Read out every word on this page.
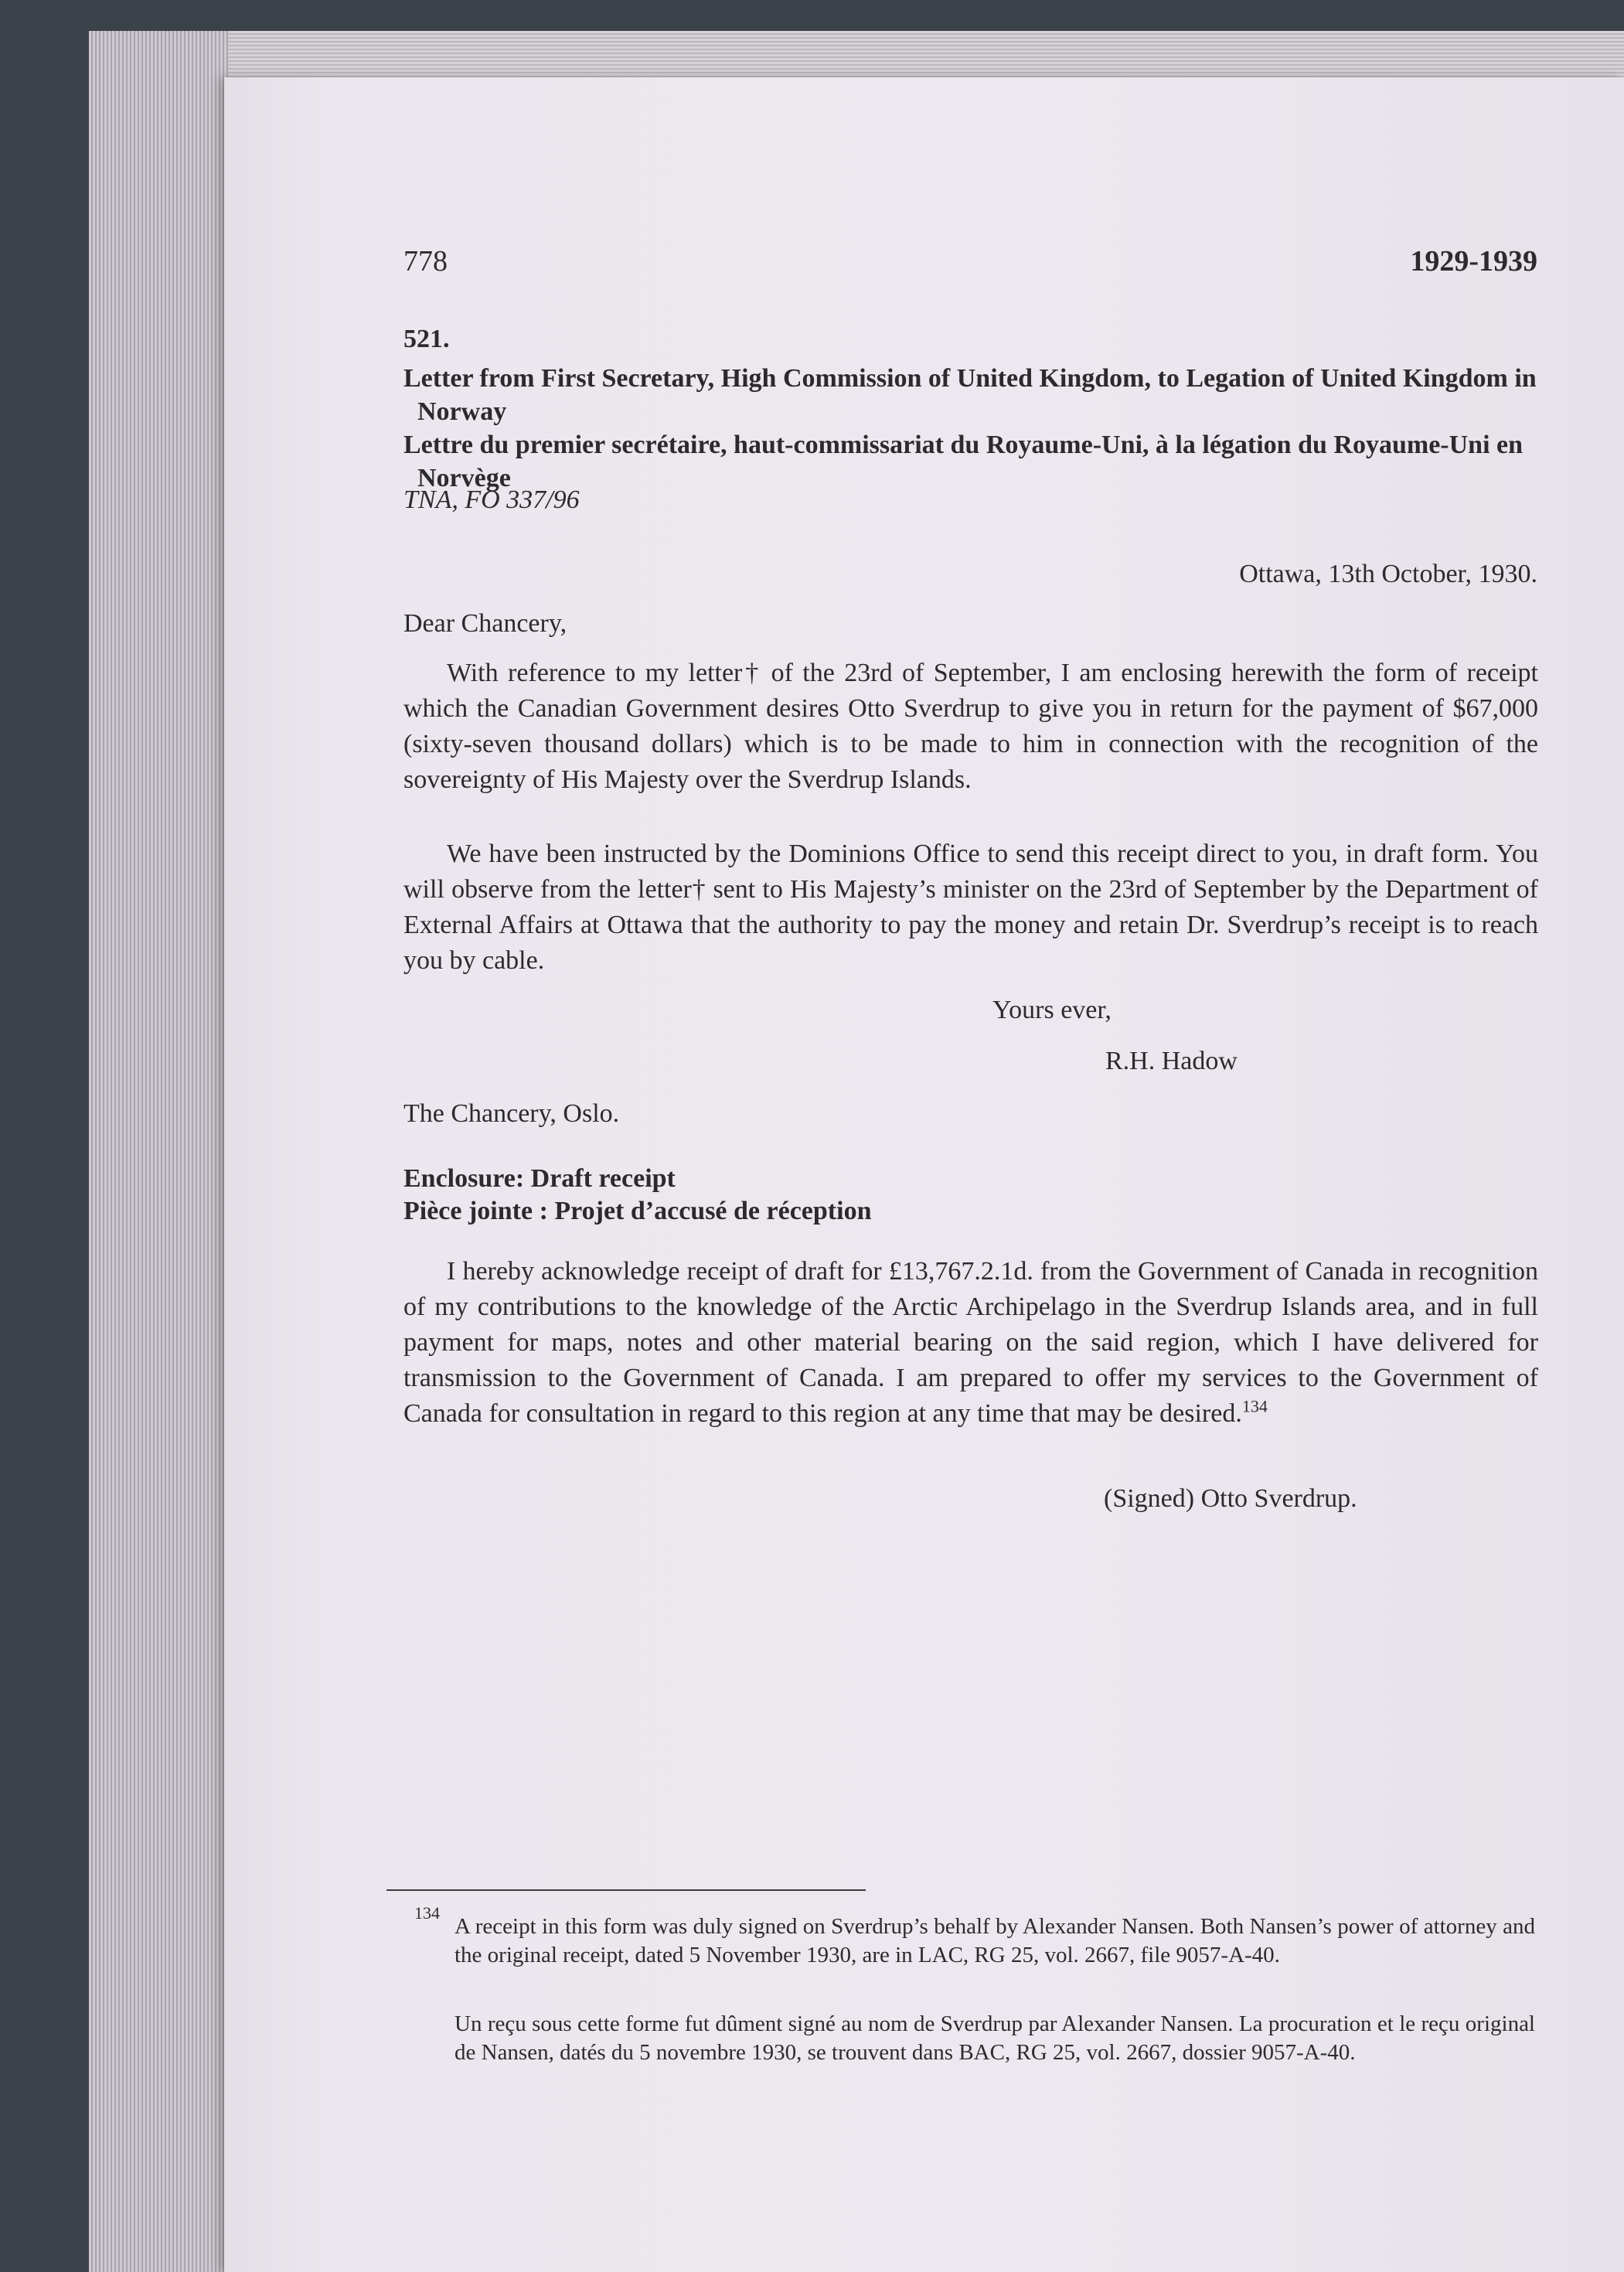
778	1929-1939
521.
Letter from First Secretary, High Commission of United Kingdom, to Legation of United Kingdom in Norway
Lettre du premier secrétaire, haut-commissariat du Royaume-Uni, à la légation du Royaume-Uni en Norvège
TNA, FO 337/96
Ottawa, 13th October, 1930.
Dear Chancery,

With reference to my letter† of the 23rd of September, I am enclosing herewith the form of receipt which the Canadian Government desires Otto Sverdrup to give you in return for the payment of $67,000 (sixty-seven thousand dollars) which is to be made to him in connection with the recognition of the sovereignty of His Majesty over the Sverdrup Islands.

We have been instructed by the Dominions Office to send this receipt direct to you, in draft form. You will observe from the letter† sent to His Majesty’s minister on the 23rd of September by the Department of External Affairs at Ottawa that the authority to pay the money and retain Dr. Sverdrup’s receipt is to reach you by cable.

Yours ever,
R.H. Hadow
The Chancery, Oslo.
Enclosure: Draft receipt
Pièce jointe : Projet d’accusé de réception

I hereby acknowledge receipt of draft for £13,767.2.1d. from the Government of Canada in recognition of my contributions to the knowledge of the Arctic Archipelago in the Sverdrup Islands area, and in full payment for maps, notes and other material bearing on the said region, which I have delivered for transmission to the Government of Canada. I am prepared to offer my services to the Government of Canada for consultation in regard to this region at any time that may be desired.$^{134}$

(Signed) Otto Sverdrup.
134

A receipt in this form was duly signed on Sverdrup’s behalf by Alexander Nansen. Both Nansen’s power of attorney and the original receipt, dated 5 November 1930, are in LAC, RG 25, vol. 2667, file 9057-A-40.

Un reçu sous cette forme fut dûment signé au nom de Sverdrup par Alexander Nansen. La procuration et le reçu original de Nansen, datés du 5 novembre 1930, se trouvent dans BAC, RG 25, vol. 2667, dossier 9057-A-40.
